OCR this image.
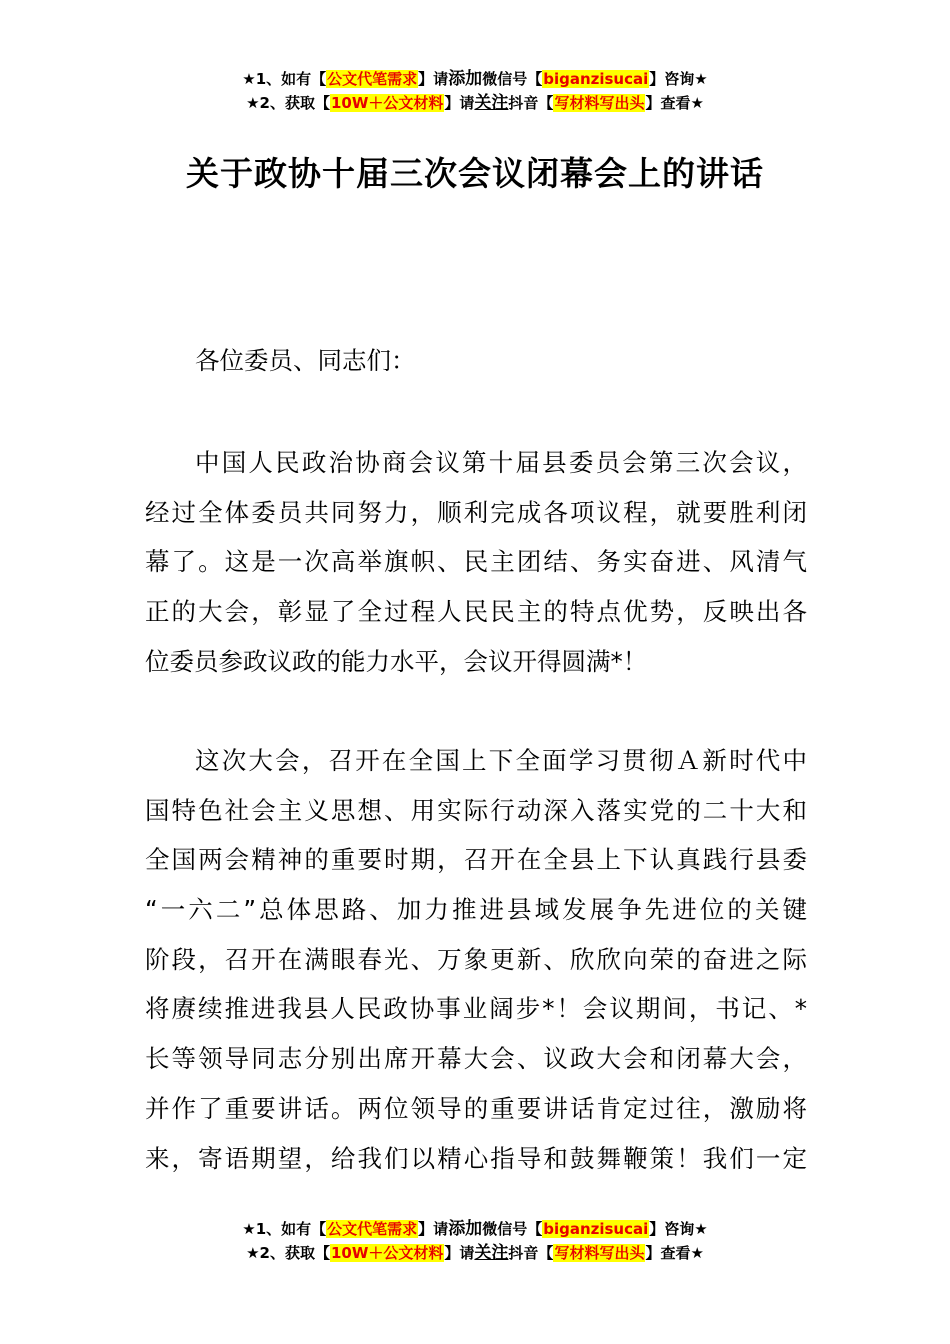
★1、如有【公文代笔需求】请添加微信号【biganzisucai】咨询★
★2、获取【10W＋公文材料】请关注抖音【写材料写出头】查看★
关于政协十届三次会议闭幕会上的讲话
各位委员、同志们：
中国人民政治协商会议第十届县委员会第三次会议，
经过全体委员共同努力，顺利完成各项议程，就要胜利闭
幕了。这是一次高举旗帜、民主团结、务实奋进、风清气
正的大会，彰显了全过程人民民主的特点优势，反映出各
位委员参政议政的能力水平，会议开得圆满*！
这次大会，召开在全国上下全面学习贯彻Ａ新时代中
国特色社会主义思想、用实际行动深入落实党的二十大和
全国两会精神的重要时期，召开在全县上下认真践行县委
“一六二”总体思路、加力推进县域发展争先进位的关键
阶段，召开在满眼春光、万象更新、欣欣向荣的奋进之际
将赓续推进我县人民政协事业阔步*！会议期间，书记、*
长等领导同志分别出席开幕大会、议政大会和闭幕大会，
并作了重要讲话。两位领导的重要讲话肯定过往，激励将
来，寄语期望，给我们以精心指导和鼓舞鞭策！我们一定
★1、如有【公文代笔需求】请添加微信号【biganzisucai】咨询★
★2、获取【10W＋公文材料】请关注抖音【写材料写出头】查看★
